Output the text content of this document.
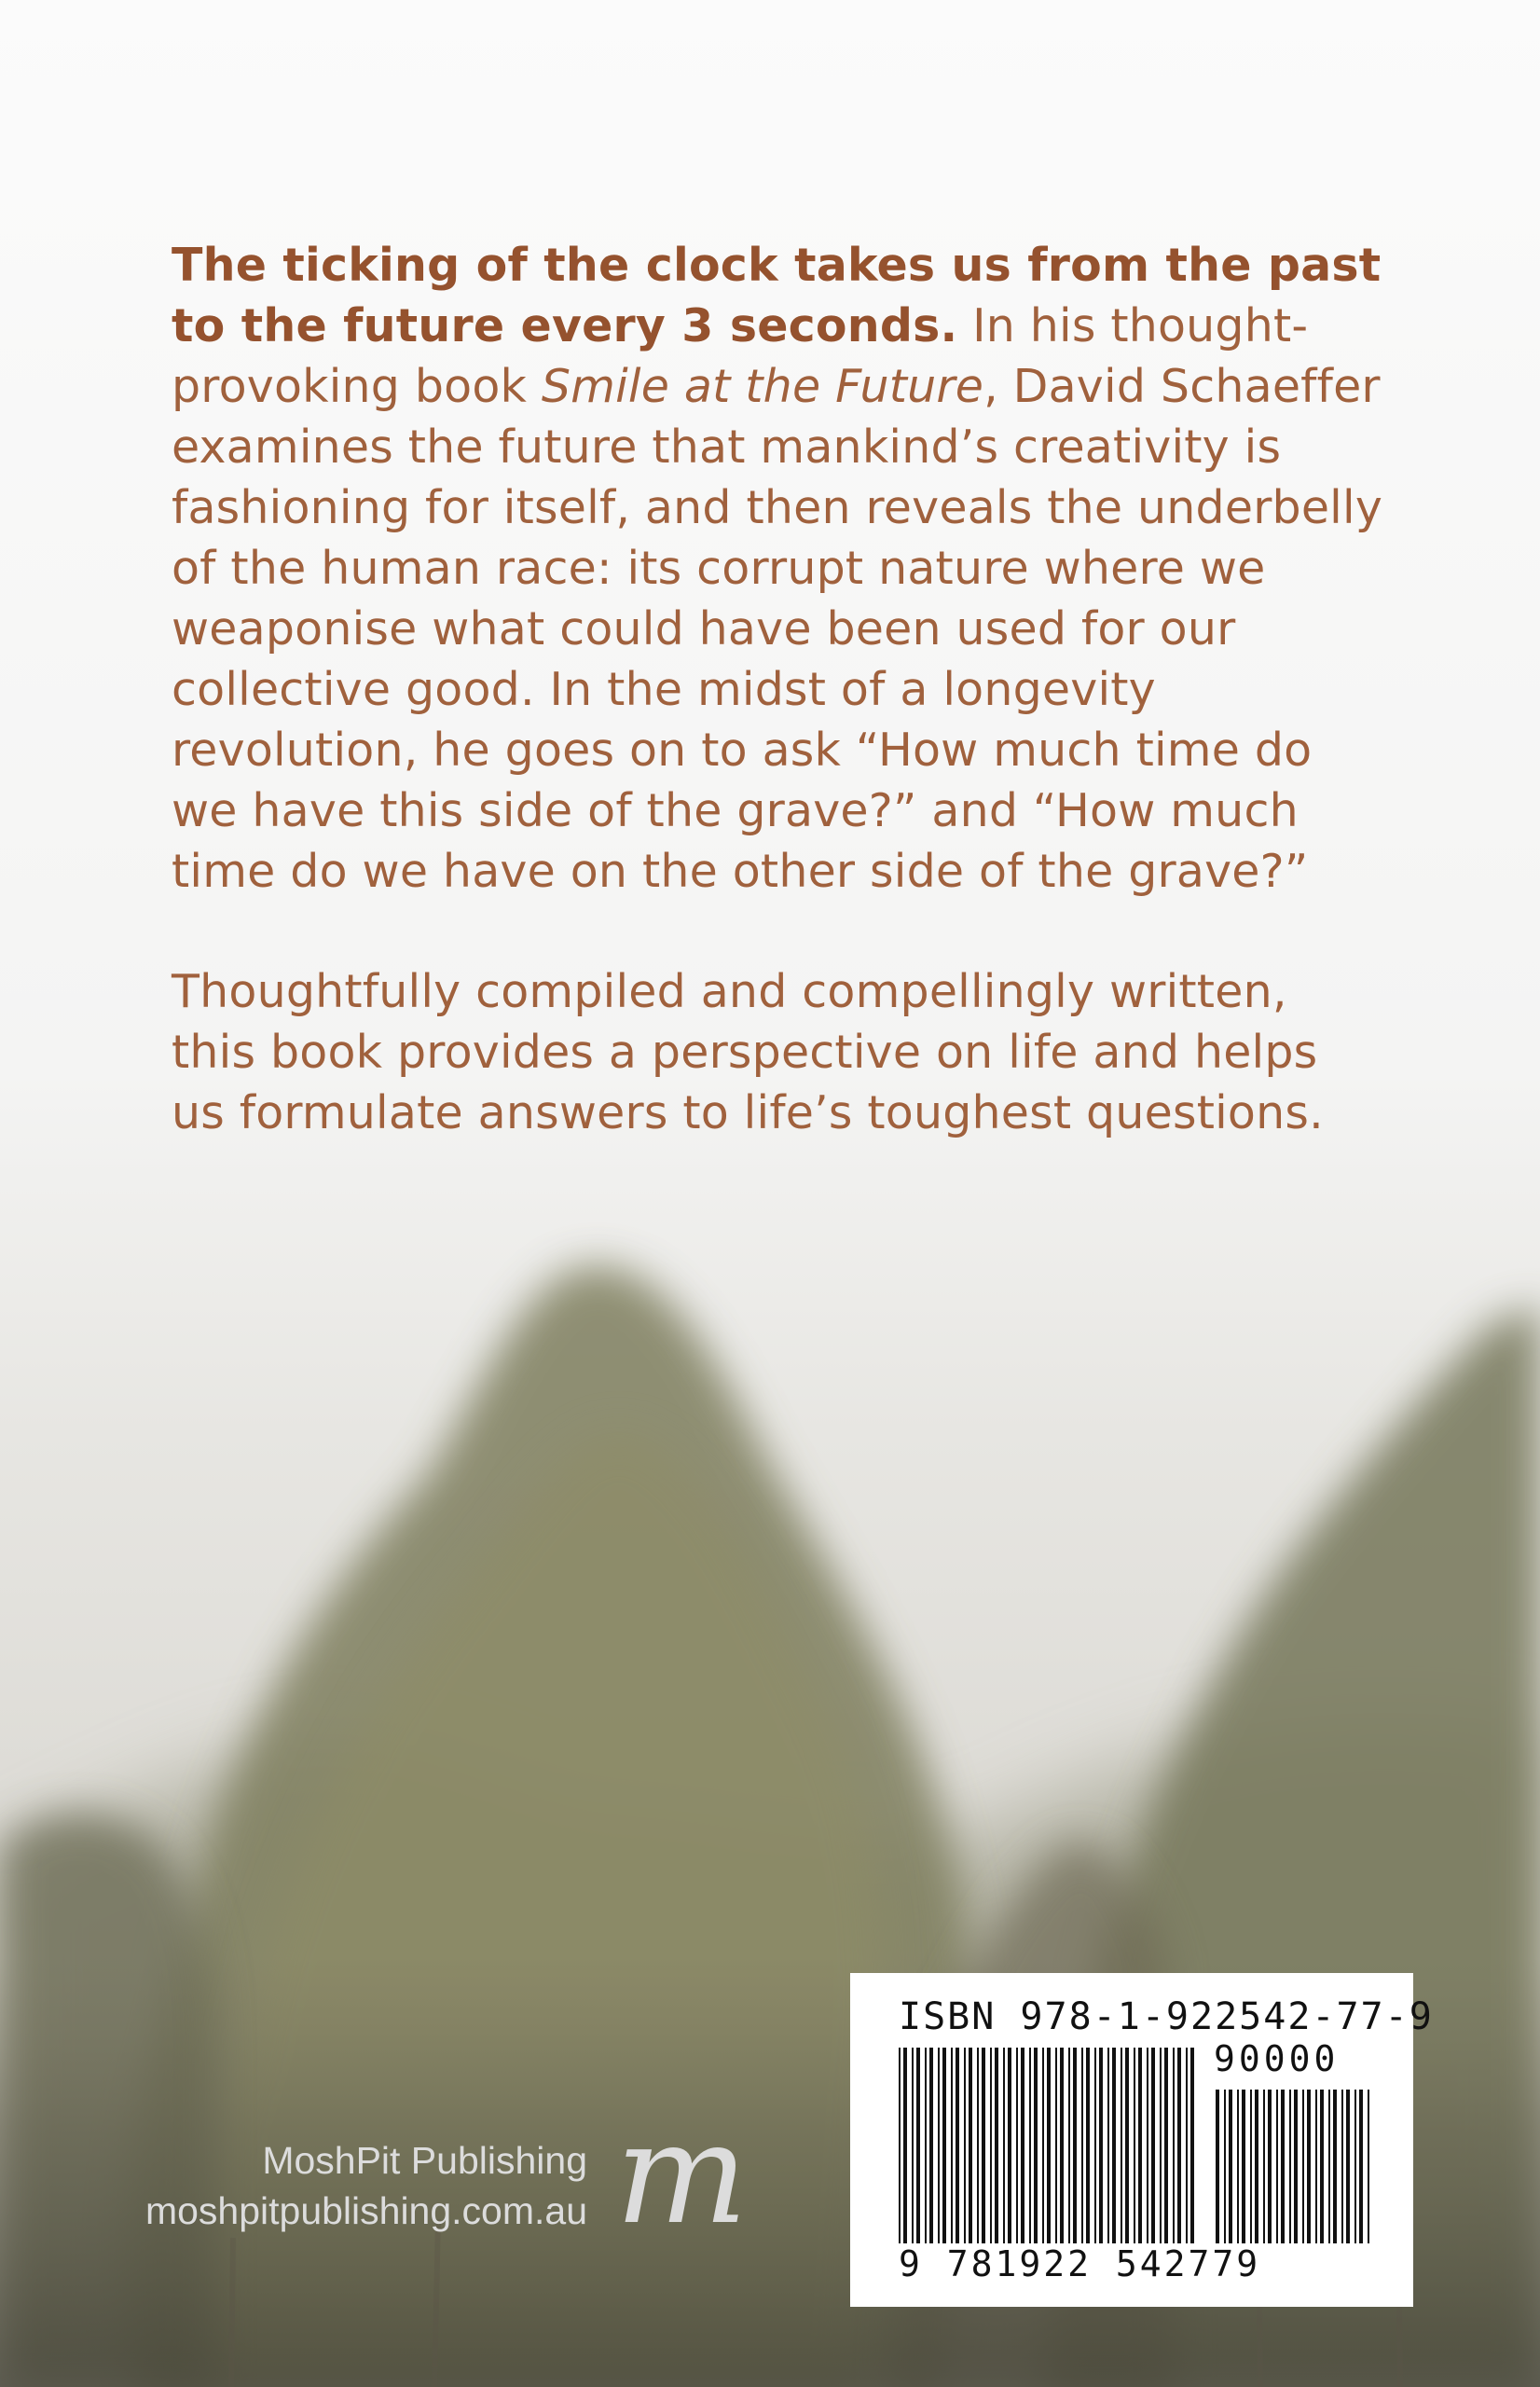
The ticking of the clock takes us from the past to the future every 3 seconds. In his thought-provoking book Smile at the Future, David Schaeffer examines the future that mankind’s creativity is fashioning for itself, and then reveals the underbelly of the human race: its corrupt nature where we weaponise what could have been used for our collective good. In the midst of a longevity revolution, he goes on to ask “How much time do we have this side of the grave?” and “How much time do we have on the other side of the grave?”

Thoughtfully compiled and compellingly written, this book provides a perspective on life and helps us formulate answers to life’s toughest questions.

MoshPit Publishing
moshpitpublishing.com.au m
ISBN 978-1-922542-77-9
90000
9 781922 542779
